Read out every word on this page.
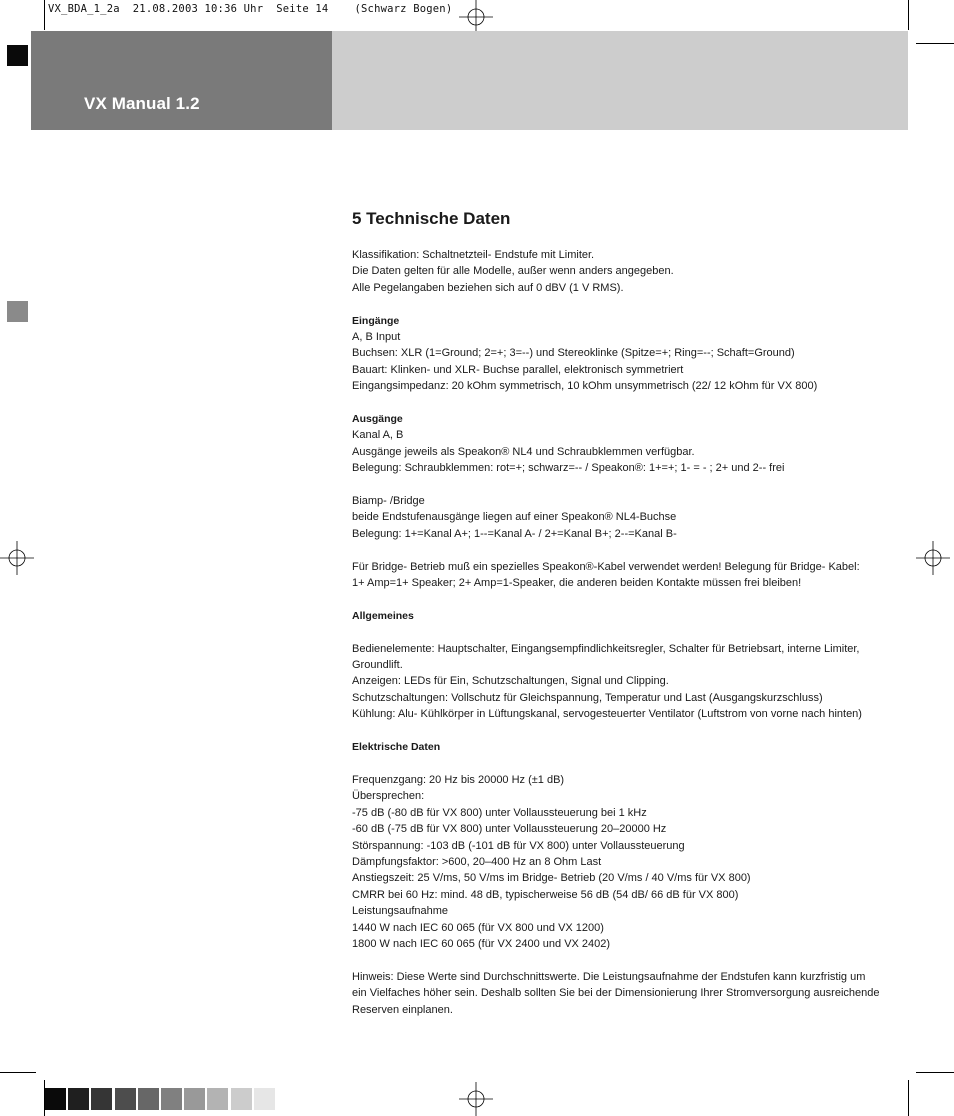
VX_BDA_1_2a  21.08.2003 10:36 Uhr  Seite 14    (Schwarz Bogen)
VX Manual 1.2
5 Technische Daten

Klassifikation: Schaltnetzteil- Endstufe mit Limiter.

Die Daten gelten für alle Modelle, außer wenn anders angegeben.

Alle Pegelangaben beziehen sich auf 0 dBV (1 V RMS).

Eingänge

A, B Input

Buchsen: XLR (1=Ground; 2=+; 3=--) und Stereoklinke (Spitze=+; Ring=--; Schaft=Ground)

Bauart: Klinken- und XLR- Buchse parallel, elektronisch symmetriert

Eingangsimpedanz: 20 kOhm symmetrisch, 10 kOhm unsymmetrisch (22/ 12 kOhm für VX 800)

Ausgänge

Kanal A, B

Ausgänge jeweils als Speakon® NL4 und Schraubklemmen verfügbar.

Belegung: Schraubklemmen: rot=+; schwarz=-- / Speakon®: 1+=+; 1- = - ; 2+ und 2-- frei

Biamp- /Bridge

beide Endstufenausgänge liegen auf einer Speakon® NL4-Buchse

Belegung: 1+=Kanal A+; 1--=Kanal A- / 2+=Kanal B+; 2--=Kanal B-

Für Bridge- Betrieb muß ein spezielles Speakon®-Kabel verwendet werden! Belegung für Bridge- Kabel:

1+ Amp=1+ Speaker; 2+ Amp=1-Speaker, die anderen beiden Kontakte müssen frei bleiben!

Allgemeines

Bedienelemente: Hauptschalter, Eingangsempfindlichkeitsregler, Schalter für Betriebsart, interne Limiter, Groundlift.

Anzeigen: LEDs für Ein, Schutzschaltungen, Signal und Clipping.

Schutzschaltungen: Vollschutz für Gleichspannung, Temperatur und Last (Ausgangskurzschluss)

Kühlung: Alu- Kühlkörper in Lüftungskanal, servogesteuerter Ventilator (Luftstrom von vorne nach hinten)

Elektrische Daten

Frequenzgang: 20 Hz bis 20000 Hz (±1 dB)

Übersprechen:

-75 dB (-80 dB für VX 800) unter Vollaussteuerung bei 1 kHz

-60 dB (-75 dB für VX 800) unter Vollaussteuerung 20–20000 Hz

Störspannung: -103 dB (-101 dB für VX 800) unter Vollaussteuerung

Dämpfungsfaktor: >600, 20–400 Hz an 8 Ohm Last

Anstiegszeit: 25 V/ms, 50 V/ms im Bridge- Betrieb (20 V/ms / 40 V/ms für VX 800)

CMRR bei 60 Hz: mind. 48 dB, typischerweise 56 dB (54 dB/ 66 dB für VX 800)

Leistungsaufnahme

1440 W nach IEC 60 065 (für VX 800 und VX 1200)

1800 W nach IEC 60 065 (für VX 2400 und VX 2402)

Hinweis: Diese Werte sind Durchschnittswerte. Die Leistungsaufnahme der Endstufen kann kurzfristig um ein Vielfaches höher sein. Deshalb sollten Sie bei der Dimensionierung Ihrer Stromversorgung ausreichende Reserven einplanen.
